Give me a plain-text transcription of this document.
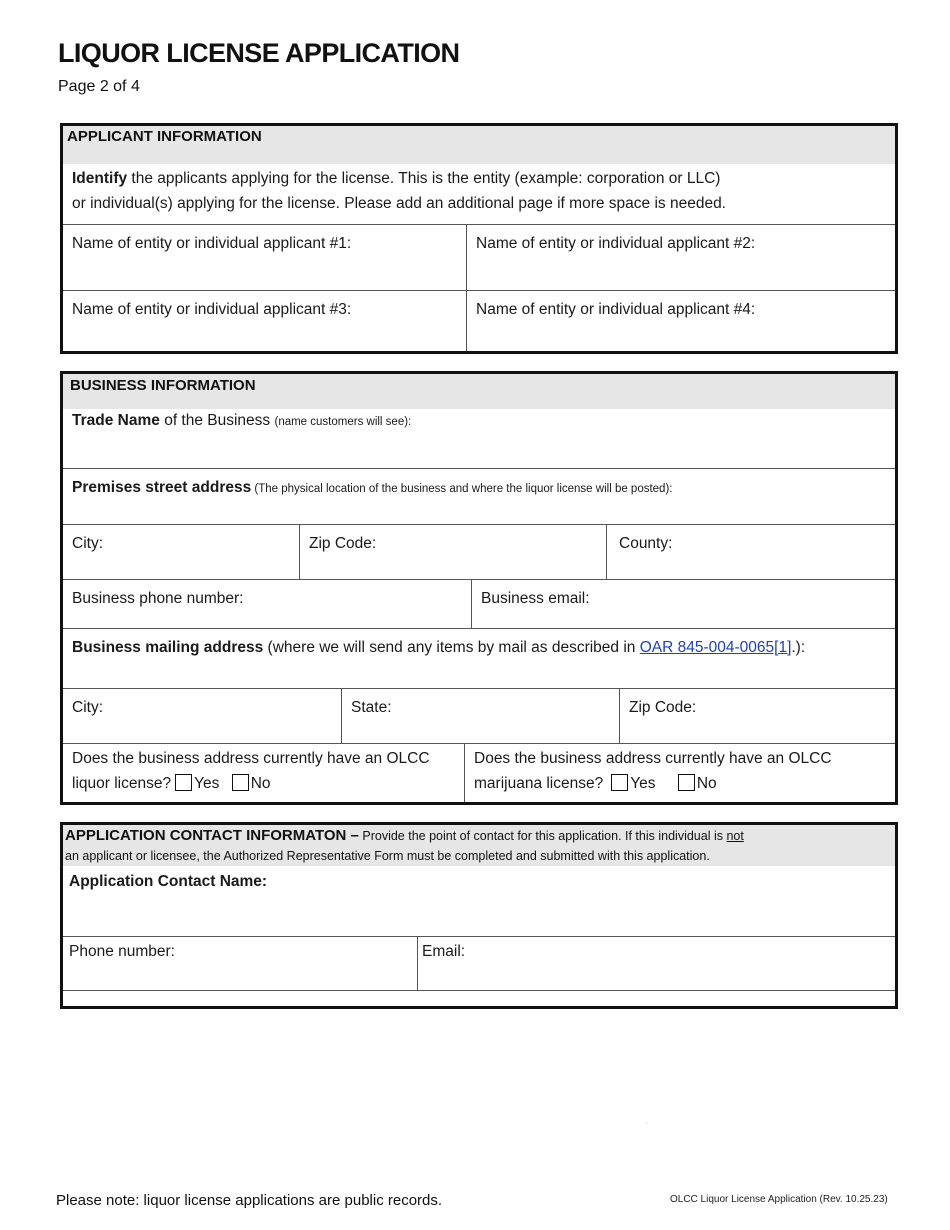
LIQUOR LICENSE APPLICATION
Page 2 of 4
APPLICANT INFORMATION
Identify the applicants applying for the license. This is the entity (example: corporation or LLC)
or individual(s) applying for the license. Please add an additional page if more space is needed.
Name of entity or individual applicant #1:	Name of entity or individual applicant #2:
Name of entity or individual applicant #3:	Name of entity or individual applicant #4:
BUSINESS INFORMATION
Trade Name of the Business (name customers will see):
Premises street address (The physical location of the business and where the liquor license will be posted):
City:	Zip Code:	County:
Business phone number:	Business email:
Business mailing address (where we will send any items by mail as described in OAR 845-004-0065[1].):
City:	State:	Zip Code:
Does the business address currently have an OLCC
liquor license? Yes No
Does the business address currently have an OLCC
marijuana license? Yes	No
APPLICATION CONTACT INFORMATON – Provide the point of contact for this application. If this individual is not
an applicant or licensee, the Authorized Representative Form must be completed and submitted with this application.
Application Contact Name:
Phone number:	Email:
.
Please note: liquor license applications are public records.	OLCC Liquor License Application (Rev. 10.25.23)
